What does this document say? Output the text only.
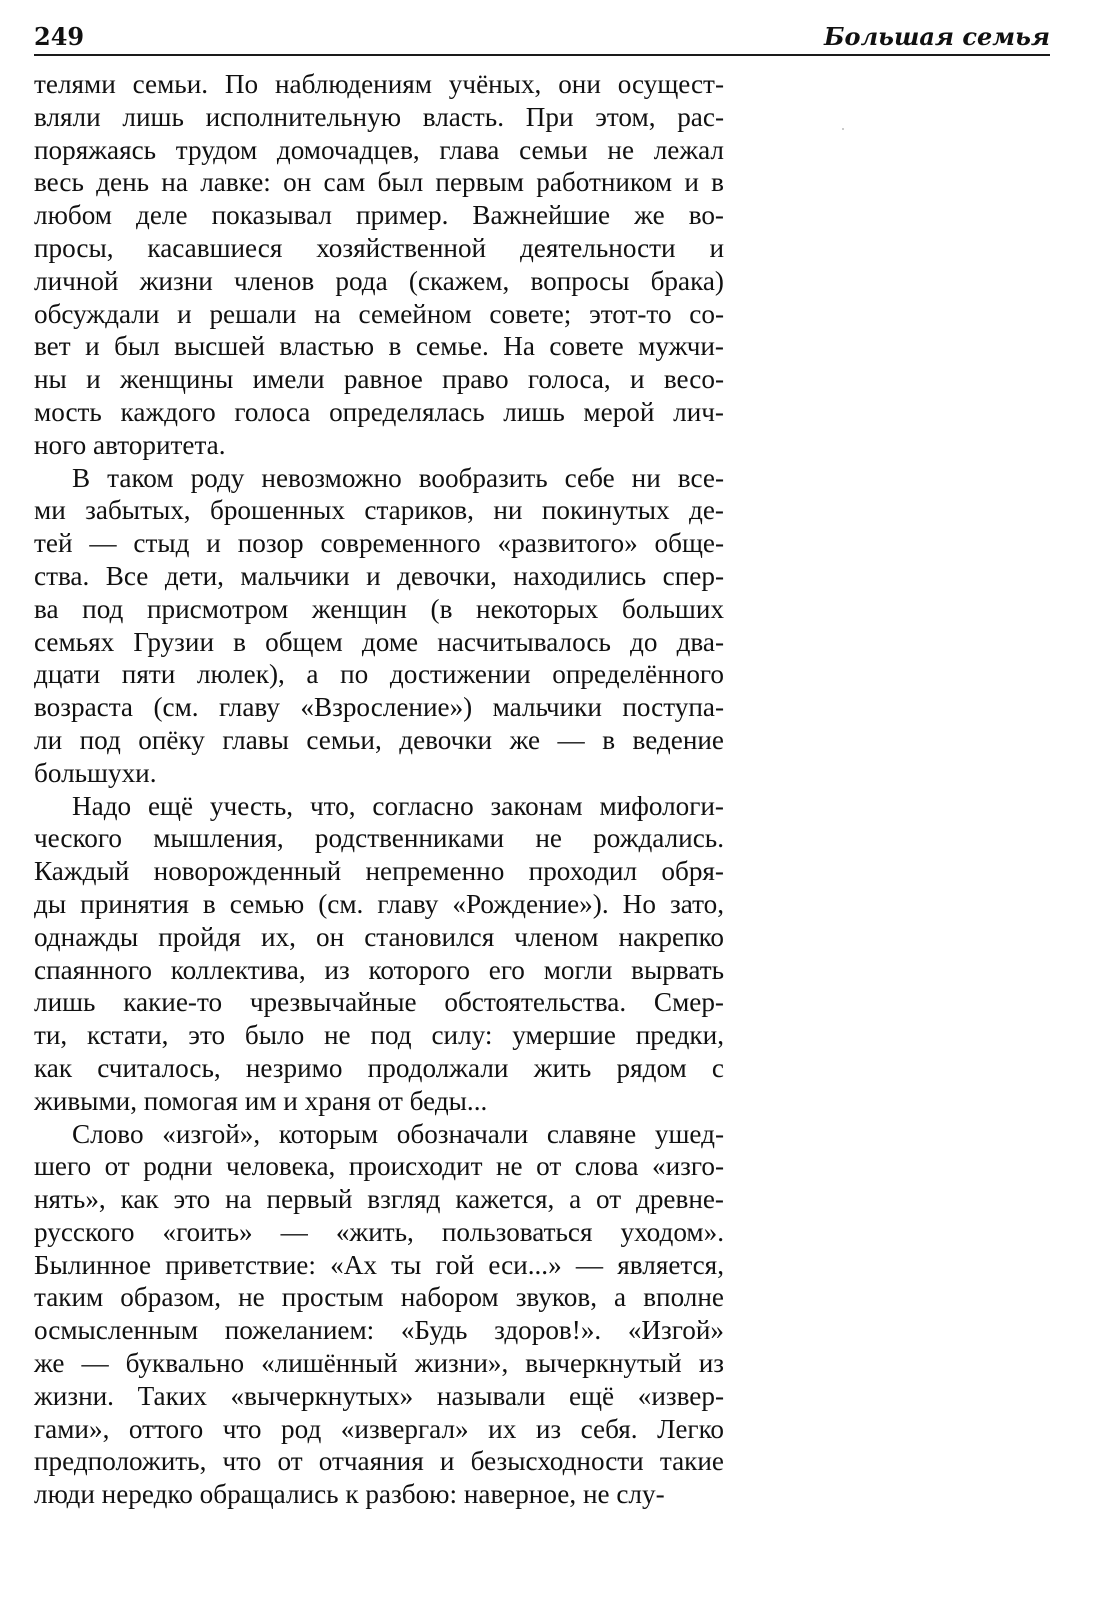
249	Большая семья
телями семьи. По наблюдениям учёных, они осущест-
вляли лишь исполнительную власть. При этом, рас-
поряжаясь трудом домочадцев, глава семьи не лежал
весь день на лавке: он сам был первым работником и в
любом деле показывал пример. Важнейшие же во-
просы, касавшиеся хозяйственной деятельности и
личной жизни членов рода (скажем, вопросы брака)
обсуждали и решали на семейном совете; этот-то со-
вет и был высшей властью в семье. На совете мужчи-
ны и женщины имели равное право голоса, и весо-
мость каждого голоса определялась лишь мерой лич-
ного авторитета.
В таком роду невозможно вообразить себе ни все-
ми забытых, брошенных стариков, ни покинутых де-
тей — стыд и позор современного «развитого» обще-
ства. Все дети, мальчики и девочки, находились спер-
ва под присмотром женщин (в некоторых больших
семьях Грузии в общем доме насчитывалось до два-
дцати пяти люлек), а по достижении определённого
возраста (см. главу «Взросление») мальчики поступа-
ли под опёку главы семьи, девочки же — в ведение
большухи.
Надо ещё учесть, что, согласно законам мифологи-
ческого мышления, родственниками не рождались.
Каждый новорожденный непременно проходил обря-
ды принятия в семью (см. главу «Рождение»). Но зато,
однажды пройдя их, он становился членом накрепко
спаянного коллектива, из которого его могли вырвать
лишь какие-то чрезвычайные обстоятельства. Смер-
ти, кстати, это было не под силу: умершие предки,
как считалось, незримо продолжали жить рядом с
живыми, помогая им и храня от беды...
Слово «изгой», которым обозначали славяне ушед-
шего от родни человека, происходит не от слова «изго-
нять», как это на первый взгляд кажется, а от древне-
русского «гоить» — «жить, пользоваться уходом».
Былинное приветствие: «Ах ты гой еси...» — является,
таким образом, не простым набором звуков, а вполне
осмысленным пожеланием: «Будь здоров!». «Изгой»
же — буквально «лишённый жизни», вычеркнутый из
жизни. Таких «вычеркнутых» называли ещё «извер-
гами», оттого что род «извергал» их из себя. Легко
предположить, что от отчаяния и безысходности такие
люди нередко обращались к разбою: наверное, не слу-
